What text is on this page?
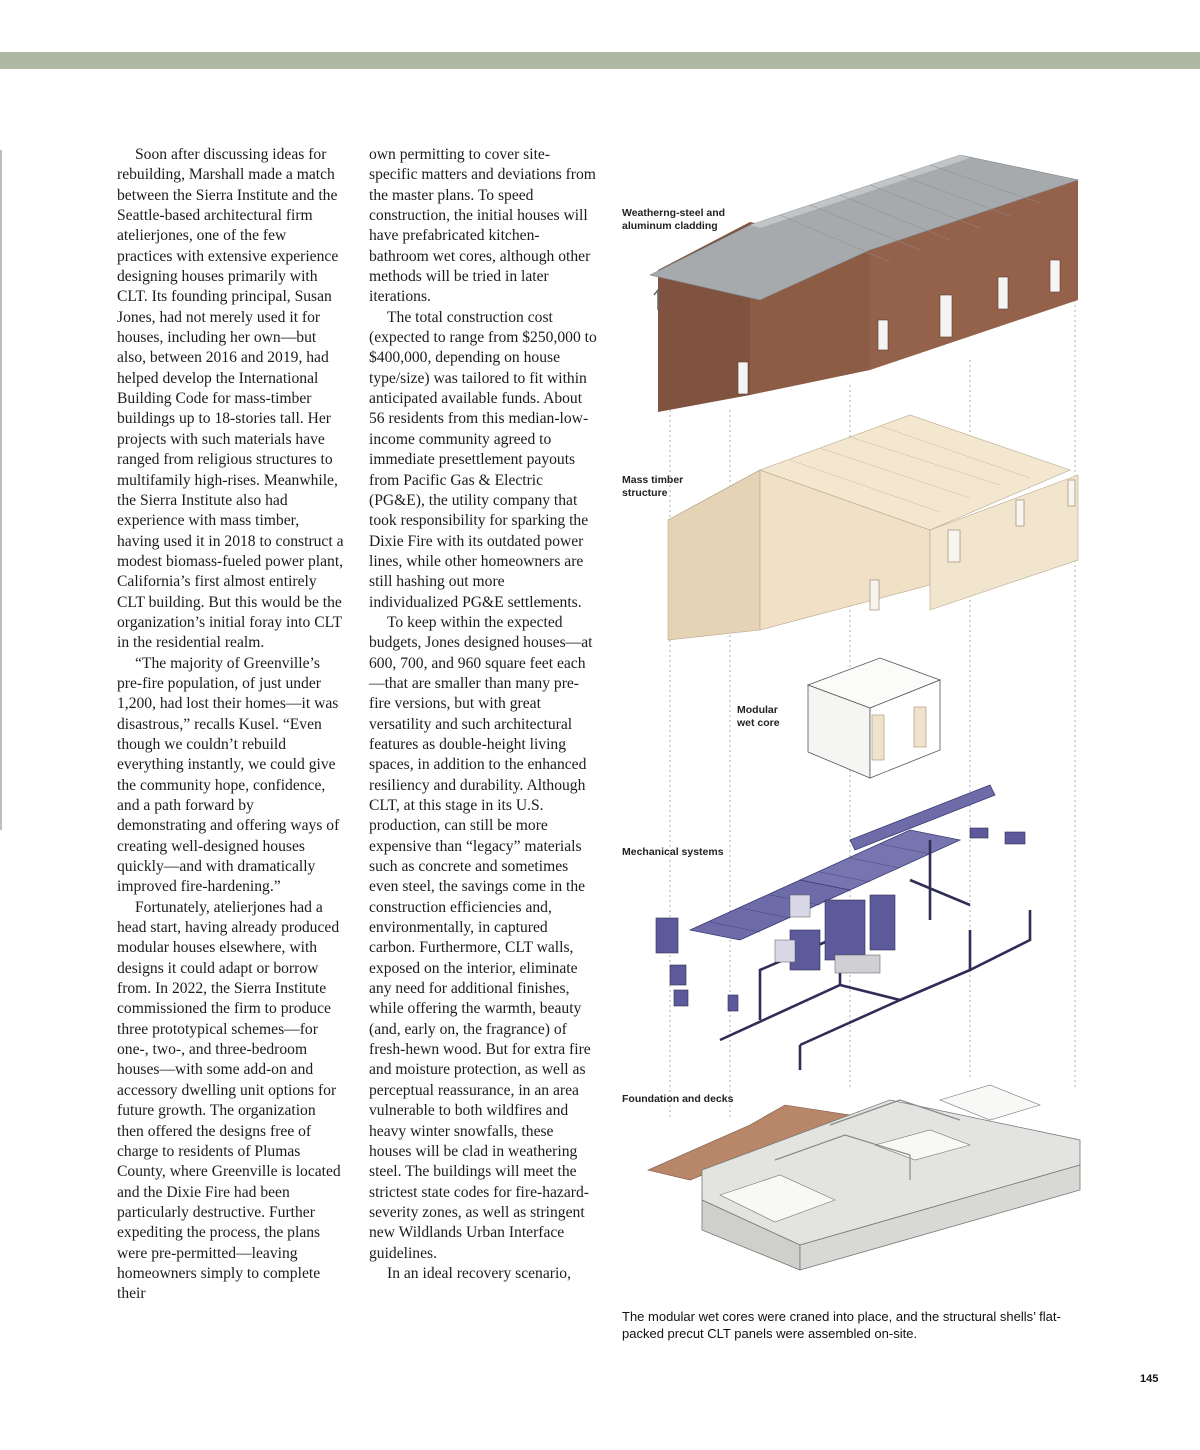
Soon after discussing ideas for rebuilding, Marshall made a match between the Sierra Institute and the Seattle-based architectural firm atelierjones, one of the few practices with extensive experience designing houses primarily with CLT. Its founding principal, Susan Jones, had not merely used it for houses, including her own—but also, between 2016 and 2019, had helped develop the International Building Code for mass-timber buildings up to 18-stories tall. Her projects with such materials have ranged from religious structures to multifamily high-rises. Meanwhile, the Sierra Institute also had experience with mass timber, having used it in 2018 to construct a modest biomass-fueled power plant, California’s first almost entirely CLT building. But this would be the organization’s initial foray into CLT in the residential realm.

“The majority of Greenville’s pre-fire population, of just under 1,200, had lost their homes—it was disastrous,” recalls Kusel. “Even though we couldn’t rebuild everything instantly, we could give the community hope, confidence, and a path forward by demonstrating and offering ways of creating well-designed houses quickly—and with dramatically improved fire-hardening.”

Fortunately, atelierjones had a head start, having already produced modular houses elsewhere, with designs it could adapt or borrow from. In 2022, the Sierra Institute commissioned the firm to produce three prototypical schemes—for one-, two-, and three-bedroom houses—with some add-on and accessory dwelling unit options for future growth. The organization then offered the designs free of charge to residents of Plumas County, where Greenville is located and the Dixie Fire had been particularly destructive. Further expediting the process, the plans were pre-permitted—leaving homeowners simply to complete their

own permitting to cover site-specific matters and deviations from the master plans. To speed construction, the initial houses will have prefabricated kitchen-bathroom wet cores, although other methods will be tried in later iterations.

The total construction cost (expected to range from $250,000 to $400,000, depending on house type/size) was tailored to fit within anticipated available funds. About 56 residents from this median-low-income community agreed to immediate presettlement payouts from Pacific Gas & Electric (PG&E), the utility company that took responsibility for sparking the Dixie Fire with its outdated power lines, while other homeowners are still hashing out more individualized PG&E settlements.

To keep within the expected budgets, Jones designed houses—at 600, 700, and 960 square feet each—that are smaller than many pre-fire versions, but with great versatility and such architectural features as double-height living spaces, in addition to the enhanced resiliency and durability. Although CLT, at this stage in its U.S. production, can still be more expensive than “legacy” materials such as concrete and sometimes even steel, the savings come in the construction efficiencies and, environmentally, in captured carbon. Furthermore, CLT walls, exposed on the interior, eliminate any need for additional finishes, while offering the warmth, beauty (and, early on, the fragrance) of fresh-hewn wood. But for extra fire and moisture protection, as well as perceptual reassurance, in an area vulnerable to both wildfires and heavy winter snowfalls, these houses will be clad in weathering steel. The buildings will meet the strictest state codes for fire-hazard-severity zones, as well as stringent new Wildlands Urban Interface guidelines.

In an ideal recovery scenario,

Weatherng-steel and
aluminum cladding
Mass timber
structure
Modular
wet core
Mechanical systems
Foundation and decks
The modular wet cores were craned into place, and the structural shells’ flat-packed precut CLT panels were assembled on-site.
145
